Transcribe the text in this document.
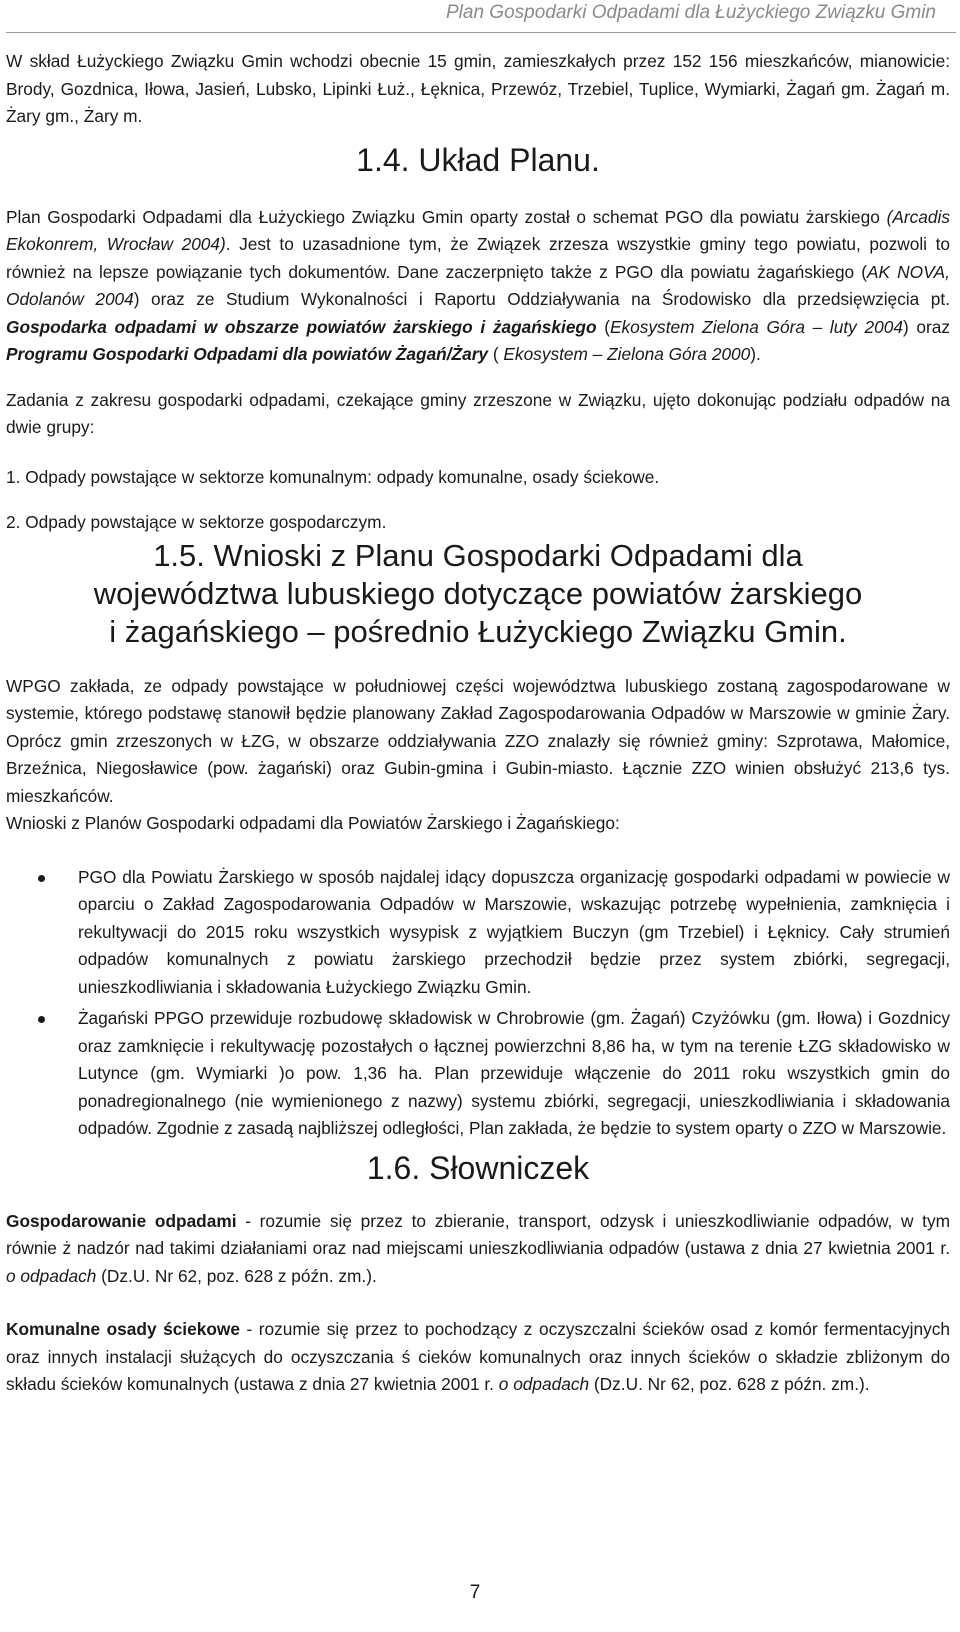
Plan Gospodarki Odpadami dla Łużyckiego Związku Gmin

W skład Łużyckiego Związku Gmin wchodzi obecnie 15 gmin, zamieszkałych przez 152 156 mieszkańców, mianowicie: Brody, Gozdnica, Iłowa, Jasień, Lubsko, Lipinki Łuż., Łęknica, Przewóz, Trzebiel, Tuplice, Wymiarki, Żagań gm. Żagań m. Żary gm., Żary m.

1.4. Układ Planu.

Plan Gospodarki Odpadami dla Łużyckiego Związku Gmin oparty został o schemat PGO dla powiatu żarskiego (Arcadis Ekokonrem, Wrocław 2004). Jest to uzasadnione tym, że Związek zrzesza wszystkie gminy tego powiatu, pozwoli to również na lepsze powiązanie tych dokumentów. Dane zaczerpnięto także z PGO dla powiatu żagańskiego (AK NOVA, Odolanów 2004) oraz ze Studium Wykonalności i Raportu Oddziaływania na Środowisko dla przedsięwzięcia pt. Gospodarka odpadami w obszarze powiatów żarskiego i żagańskiego (Ekosystem Zielona Góra – luty 2004) oraz Programu Gospodarki Odpadami dla powiatów Żagań/Żary ( Ekosystem – Zielona Góra 2000).

Zadania z zakresu gospodarki odpadami, czekające gminy zrzeszone w Związku, ujęto dokonując podziału odpadów na dwie grupy:

1. Odpady powstające w sektorze komunalnym: odpady komunalne, osady ściekowe.

2. Odpady powstające w sektorze gospodarczym.

1.5. Wnioski z Planu Gospodarki Odpadami dla
województwa lubuskiego dotyczące powiatów żarskiego
i żagańskiego – pośrednio Łużyckiego Związku Gmin.

WPGO zakłada, ze odpady powstające w południowej części województwa lubuskiego zostaną zagospodarowane w systemie, którego podstawę stanowił będzie planowany Zakład Zagospodarowania Odpadów w Marszowie w gminie Żary. Oprócz gmin zrzeszonych w ŁZG, w obszarze oddziaływania ZZO znalazły się również gminy: Szprotawa, Małomice, Brzeźnica, Niegosławice (pow. żagański) oraz Gubin-gmina i Gubin-miasto. Łącznie ZZO winien obsłużyć 213,6 tys. mieszkańców.

Wnioski z Planów Gospodarki odpadami dla Powiatów Żarskiego i Żagańskiego:

PGO dla Powiatu Żarskiego w sposób najdalej idący dopuszcza organizację gospodarki odpadami w powiecie w oparciu o Zakład Zagospodarowania Odpadów w Marszowie, wskazując potrzebę wypełnienia, zamknięcia i rekultywacji do 2015 roku wszystkich wysypisk z wyjątkiem Buczyn (gm Trzebiel) i Łęknicy. Cały strumień odpadów komunalnych z powiatu żarskiego przechodził będzie przez system zbiórki, segregacji, unieszkodliwiania i składowania Łużyckiego Związku Gmin.
Żagański PPGO przewiduje rozbudowę składowisk w Chrobrowie (gm. Żagań) Czyżówku (gm. Iłowa) i Gozdnicy oraz zamknięcie i rekultywację pozostałych o łącznej powierzchni 8,86 ha, w tym na terenie ŁZG składowisko w Lutynce (gm. Wymiarki )o pow. 1,36 ha. Plan przewiduje włączenie do 2011 roku wszystkich gmin do ponadregionalnego (nie wymienionego z nazwy) systemu zbiórki, segregacji, unieszkodliwiania i składowania odpadów. Zgodnie z zasadą najbliższej odległości, Plan zakłada, że będzie to system oparty o ZZO w Marszowie.
1.6. Słowniczek

Gospodarowanie odpadami - rozumie się przez to zbieranie, transport, odzysk i unieszkodliwianie odpadów, w tym równie ż nadzór nad takimi działaniami oraz nad miejscami unieszkodliwiania odpadów (ustawa z dnia 27 kwietnia 2001 r. o odpadach (Dz.U. Nr 62, poz. 628 z późn. zm.).

Komunalne osady ściekowe - rozumie się przez to pochodzący z oczyszczalni ścieków osad z komór fermentacyjnych oraz innych instalacji służących do oczyszczania ś cieków komunalnych oraz innych ścieków o składzie zbliżonym do składu ścieków komunalnych (ustawa z dnia 27 kwietnia 2001 r. o odpadach (Dz.U. Nr 62, poz. 628 z późn. zm.).

7
